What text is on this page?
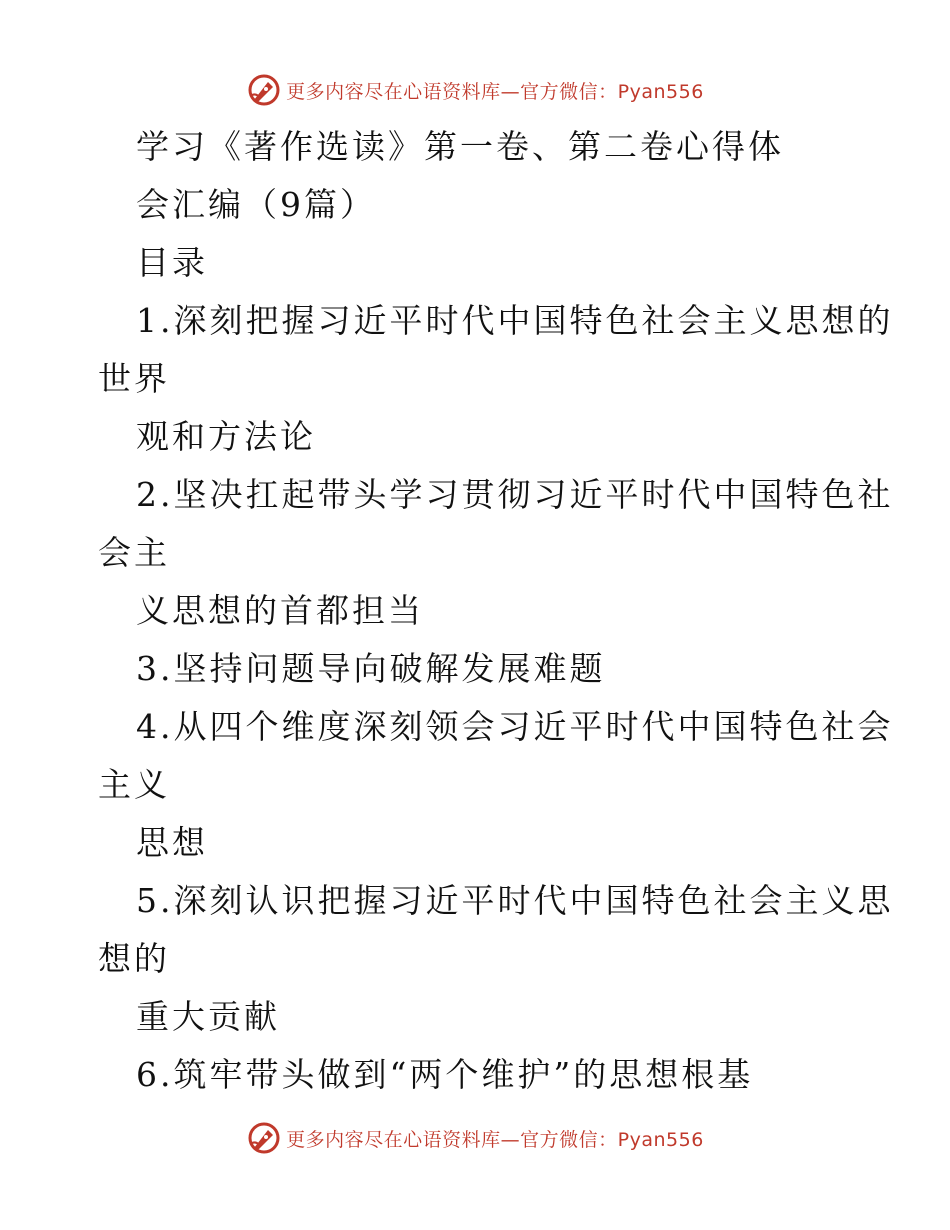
更多内容尽在心语资料库—官方微信：Pyan556
学习《著作选读》第一卷、第二卷心得体
会汇编（9篇）
目录
1.深刻把握习近平时代中国特色社会主义思想的
世界
观和方法论
2.坚决扛起带头学习贯彻习近平时代中国特色社
会主
义思想的首都担当
3.坚持问题导向破解发展难题
4.从四个维度深刻领会习近平时代中国特色社会
主义
思想
5.深刻认识把握习近平时代中国特色社会主义思
想的
重大贡献
6.筑牢带头做到“两个维护”的思想根基
更多内容尽在心语资料库—官方微信：Pyan556
